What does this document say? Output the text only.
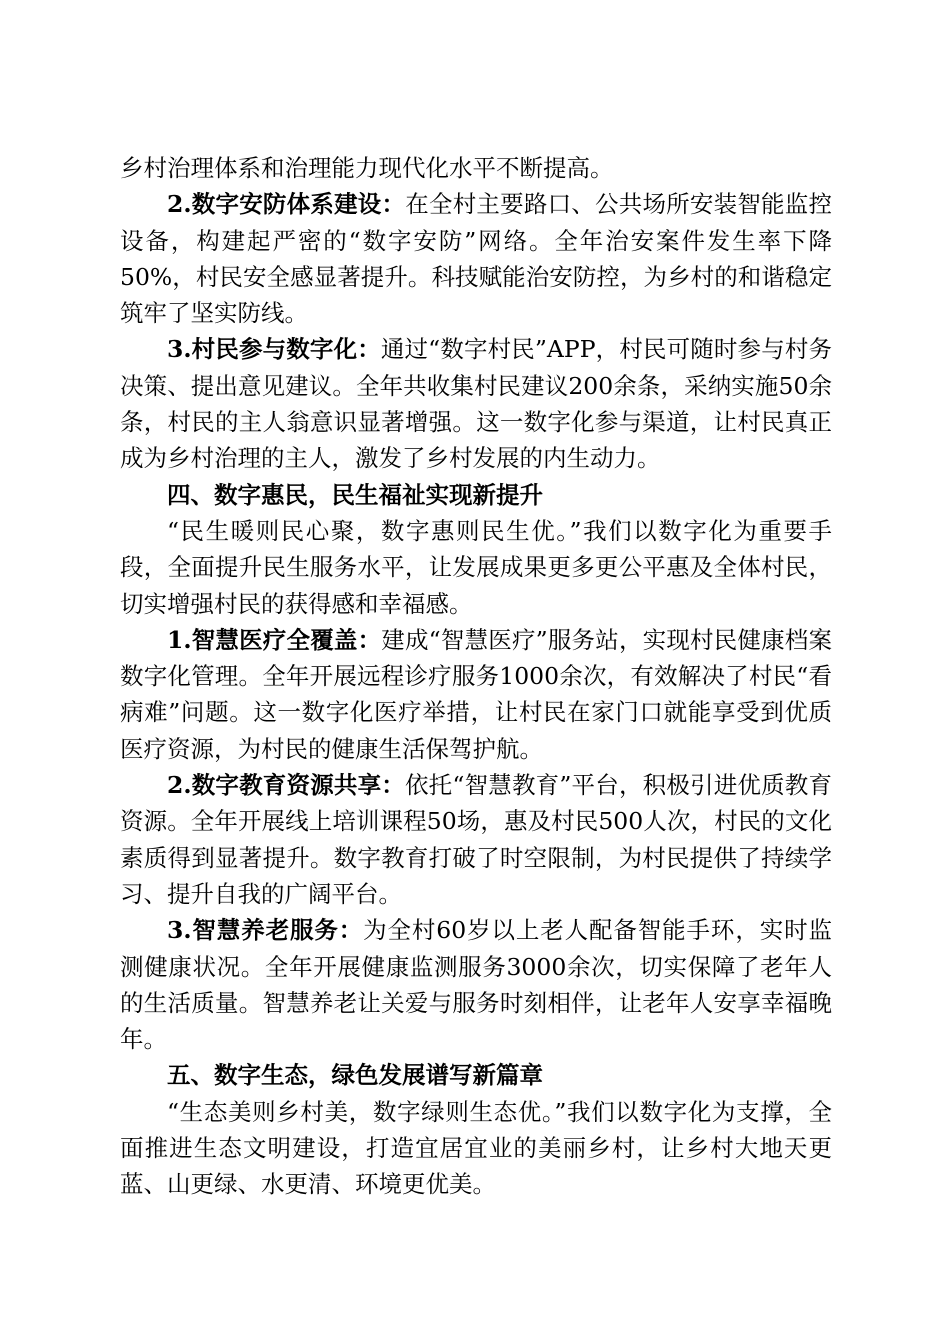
乡村治理体系和治理能力现代化水平不断提高。

2.数字安防体系建设：在全村主要路口、公共场所安装智能监控设备，构建起严密的“数字安防”网络。全年治安案件发生率下降50%，村民安全感显著提升。科技赋能治安防控，为乡村的和谐稳定筑牢了坚实防线。

3.村民参与数字化：通过“数字村民”APP，村民可随时参与村务决策、提出意见建议。全年共收集村民建议200余条，采纳实施50余条，村民的主人翁意识显著增强。这一数字化参与渠道，让村民真正成为乡村治理的主人，激发了乡村发展的内生动力。

四、数字惠民，民生福祉实现新提升

“民生暖则民心聚，数字惠则民生优。”我们以数字化为重要手段，全面提升民生服务水平，让发展成果更多更公平惠及全体村民，切实增强村民的获得感和幸福感。

1.智慧医疗全覆盖：建成“智慧医疗”服务站，实现村民健康档案数字化管理。全年开展远程诊疗服务1000余次，有效解决了村民“看病难”问题。这一数字化医疗举措，让村民在家门口就能享受到优质医疗资源，为村民的健康生活保驾护航。

2.数字教育资源共享：依托“智慧教育”平台，积极引进优质教育资源。全年开展线上培训课程50场，惠及村民500人次，村民的文化素质得到显著提升。数字教育打破了时空限制，为村民提供了持续学习、提升自我的广阔平台。

3.智慧养老服务：为全村60岁以上老人配备智能手环，实时监测健康状况。全年开展健康监测服务3000余次，切实保障了老年人的生活质量。智慧养老让关爱与服务时刻相伴，让老年人安享幸福晚年。

五、数字生态，绿色发展谱写新篇章

“生态美则乡村美，数字绿则生态优。”我们以数字化为支撑，全面推进生态文明建设，打造宜居宜业的美丽乡村，让乡村大地天更蓝、山更绿、水更清、环境更优美。
